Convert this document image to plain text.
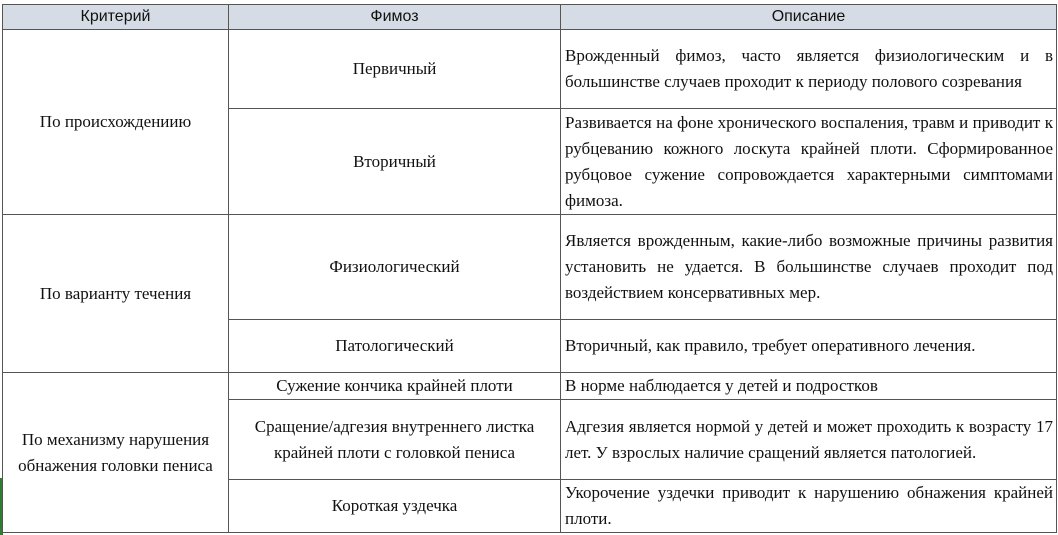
Критерий	Фимоз	Описание
По происхождениию	Первичный	Врожденный фимоз, часто является физиологическим и в большинстве случаев проходит к периоду полового созревания
	Вторичный	Развивается на фоне хронического воспаления, травм и приводит к рубцеванию кожного лоскута крайней плоти. Сформированное рубцовое сужение сопровождается характерными симптомами фимоза.
По варианту течения	Физиологический	Является врожденным, какие-либо возможные причины развития установить не удается. В большинстве случаев проходит под воздействием консервативных мер.
	Патологический	Вторичный, как правило, требует оперативного лечения.
По механизму нарушения обнажения головки пениса	Сужение кончика крайней плоти	В норме наблюдается у детей и подростков
	Сращение/адгезия внутреннего листка крайней плоти с головкой пениса	Адгезия является нормой у детей и может проходить к возрасту 17 лет. У взрослых наличие сращений является патологией.
	Короткая уздечка	Укорочение уздечки приводит к нарушению обнажения крайней плоти.
